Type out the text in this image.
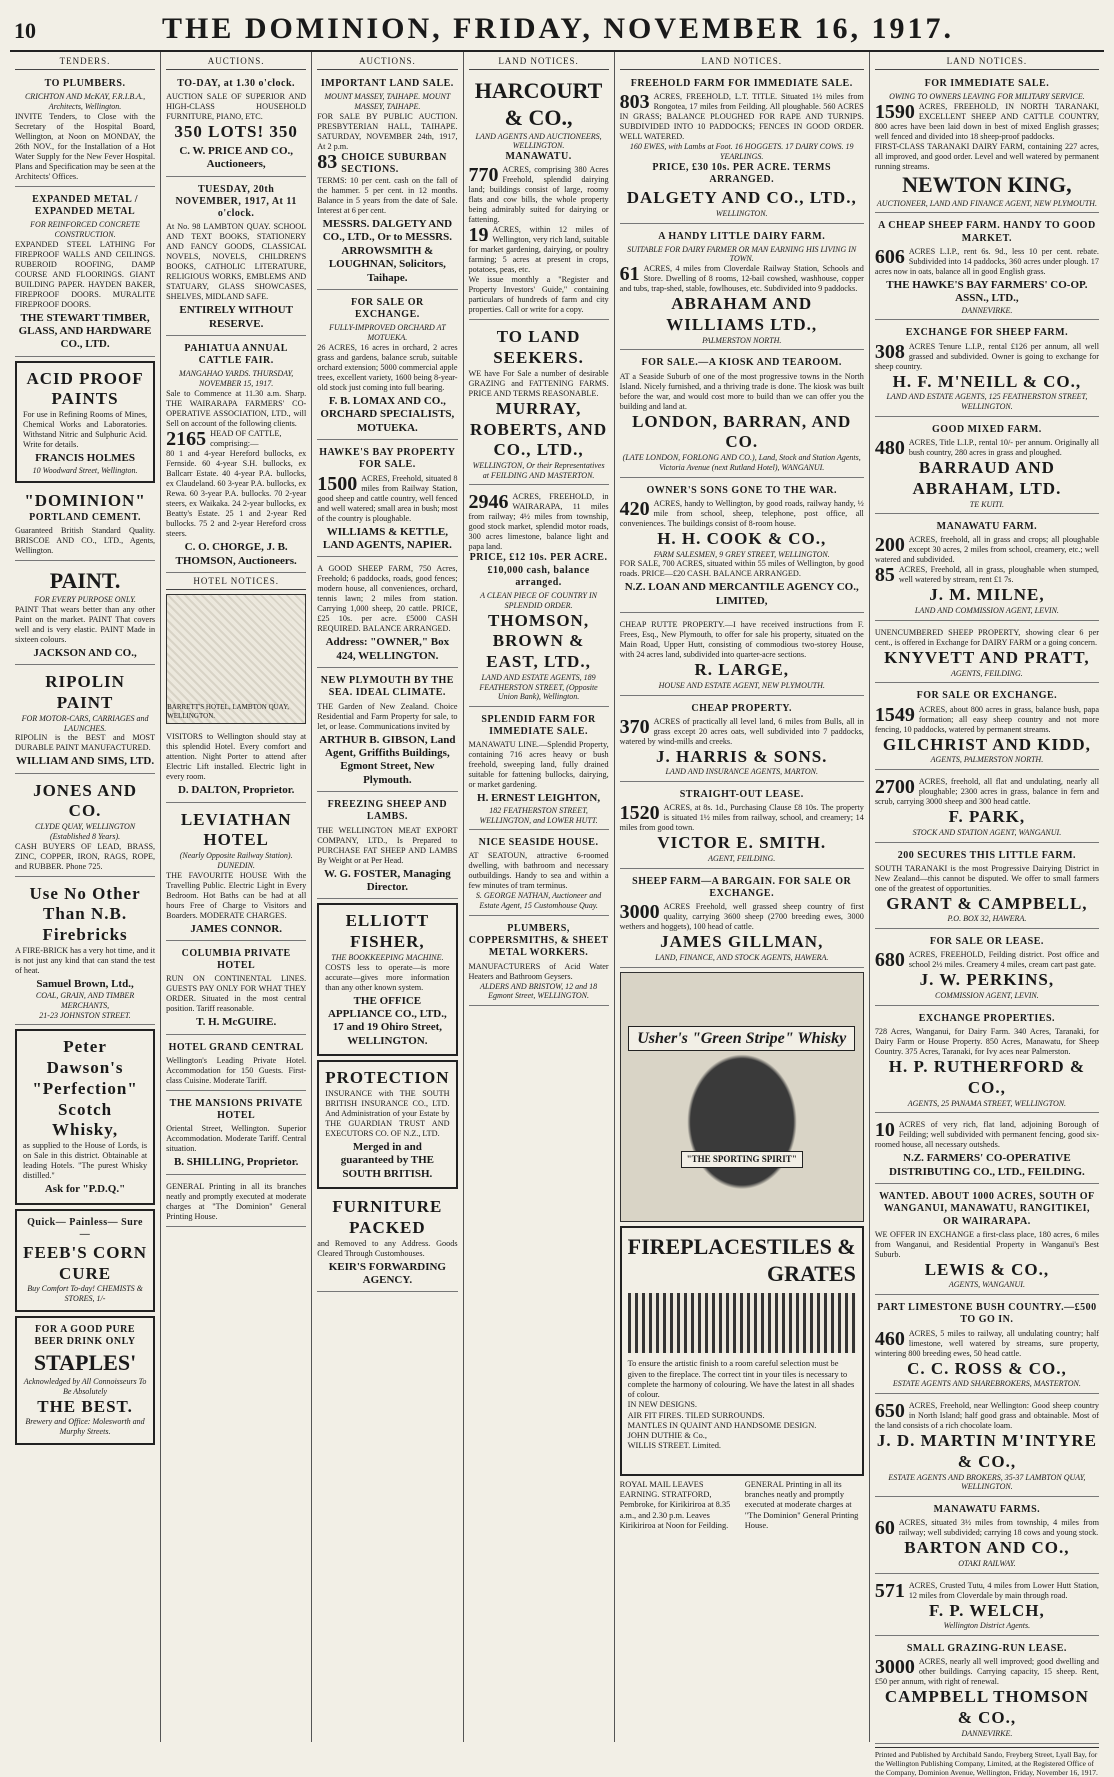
10	THE DOMINION, FRIDAY, NOVEMBER 16, 1917.
TENDERS.
TO PLUMBERS.
CRICHTON AND McKAY, F.R.I.B.A., Architects, Wellington.

INVITE Tenders, to Close with the Secretary of the Hospital Board, Wellington, at Noon on MONDAY, the 26th NOV., for the Installation of a Hot Water Supply for the New Fever Hospital. Plans and Specification may be seen at the Architects' Offices.

EXPANDED METAL / EXPANDED METAL
FOR REINFORCED CONCRETE CONSTRUCTION.

EXPANDED STEEL LATHING For FIREPROOF WALLS AND CEILINGS. RUBEROID ROOFING, DAMP COURSE AND FLOORINGS. GIANT BUILDING PAPER. HAYDEN BAKER, FIREPROOF DOORS. MURALITE FIREPROOF DOORS.

THE STEWART TIMBER, GLASS, AND HARDWARE CO., LTD.
ACID PROOF PAINTS

For use in Refining Rooms of Mines, Chemical Works and Laboratories. Withstand Nitric and Sulphuric Acid. Write for details.

FRANCIS HOLMES
10 Woodward Street, Wellington.
"DOMINION"
PORTLAND CEMENT.

Guaranteed British Standard Quality. BRISCOE AND CO., LTD., Agents, Wellington.

PAINT.
FOR EVERY PURPOSE ONLY.

PAINT That wears better than any other Paint on the market. PAINT That covers well and is very elastic. PAINT Made in sixteen colours.

JACKSON AND CO.,
RIPOLIN PAINT
FOR MOTOR-CARS, CARRIAGES and LAUNCHES.

RIPOLIN is the BEST and MOST DURABLE PAINT MANUFACTURED.

WILLIAM AND SIMS, LTD.
JONES AND CO.
CLYDE QUAY, WELLINGTON (Established 8 Years).

CASH BUYERS OF LEAD, BRASS, ZINC, COPPER, IRON, RAGS, ROPE, and RUBBER. Phone 725.

Use No Other Than N.B. Firebricks

A FIRE-BRICK has a very hot time, and it is not just any kind that can stand the test of heat.

Samuel Brown, Ltd.,
COAL, GRAIN, AND TIMBER MERCHANTS,
21-23 JOHNSTON STREET.
Peter Dawson's "Perfection" Scotch Whisky,

as supplied to the House of Lords, is on Sale in this district. Obtainable at leading Hotels. "The purest Whisky distilled."

Ask for "P.D.Q."
Quick— Painless— Sure—
FEEB'S CORN CURE
Buy Comfort To-day! CHEMISTS & STORES, 1/-
FOR A GOOD PURE BEER DRINK ONLY
STAPLES'
Acknowledged by All Connoisseurs To Be Absolutely
THE BEST.
Brewery and Office: Molesworth and Murphy Streets.
AUCTIONS.
TO-DAY, at 1.30 o'clock.

AUCTION SALE OF SUPERIOR AND HIGH-CLASS HOUSEHOLD FURNITURE, PIANO, ETC.

350 LOTS! 350
C. W. PRICE AND CO., Auctioneers,
TUESDAY, 20th NOVEMBER, 1917, At 11 o'clock.

At No. 98 LAMBTON QUAY. SCHOOL AND TEXT BOOKS, STATIONERY AND FANCY GOODS, CLASSICAL NOVELS, NOVELS, CHILDREN'S BOOKS, CATHOLIC LITERATURE, RELIGIOUS WORKS, EMBLEMS AND STATUARY, GLASS SHOWCASES, SHELVES, MIDLAND SAFE.

ENTIRELY WITHOUT RESERVE.
PAHIATUA ANNUAL CATTLE FAIR.
MANGAHAO YARDS. THURSDAY, NOVEMBER 15, 1917.

Sale to Commence at 11.30 a.m. Sharp. THE WAIRARAPA FARMERS' CO-OPERATIVE ASSOCIATION, LTD., will Sell on account of the following clients.

2165 HEAD OF CATTLE, comprising:—

80 1 and 4-year Hereford bullocks, ex Fernside. 60 4-year S.H. bullocks, ex Ballcarr Estate. 40 4-year P.A. bullocks, ex Claudeland. 60 3-year P.A. bullocks, ex Rewa. 60 3-year P.A. bullocks. 70 2-year steers, ex Waikaka. 24 2-year bullocks, ex Beatty's Estate. 25 1 and 2-year Red bullocks. 75 2 and 2-year Hereford cross steers.

C. O. CHORGE, J. B. THOMSON, Auctioneers.
HOTEL NOTICES.
BARRETT'S HOTEL, LAMBTON QUAY, WELLINGTON.

VISITORS to Wellington should stay at this splendid Hotel. Every comfort and attention. Night Porter to attend after Electric Lift installed. Electric light in every room.

D. DALTON, Proprietor.
LEVIATHAN HOTEL
(Nearly Opposite Railway Station). DUNEDIN.

THE FAVOURITE HOUSE With the Travelling Public. Electric Light in Every Bedroom. Hot Baths can be had at all hours Free of Charge to Visitors and Boarders. MODERATE CHARGES.

JAMES CONNOR.
COLUMBIA PRIVATE HOTEL

RUN ON CONTINENTAL LINES. GUESTS PAY ONLY FOR WHAT THEY ORDER. Situated in the most central position. Tariff reasonable.

T. H. McGUIRE.
HOTEL GRAND CENTRAL

Wellington's Leading Private Hotel. Accommodation for 150 Guests. First-class Cuisine. Moderate Tariff.

THE MANSIONS PRIVATE HOTEL

Oriental Street, Wellington. Superior Accommodation. Moderate Tariff. Central situation.

B. SHILLING, Proprietor.

GENERAL Printing in all its branches neatly and promptly executed at moderate charges at "The Dominion" General Printing House.

AUCTIONS.
IMPORTANT LAND SALE.
MOUNT MASSEY, TAIHAPE. MOUNT MASSEY, TAIHAPE.

FOR SALE BY PUBLIC AUCTION. PRESBYTERIAN HALL, TAIHAPE. SATURDAY, NOVEMBER 24th, 1917, At 2 p.m.

83 CHOICE SUBURBAN SECTIONS.

TERMS: 10 per cent. cash on the fall of the hammer. 5 per cent. in 12 months. Balance in 5 years from the date of Sale. Interest at 6 per cent.

MESSRS. DALGETY AND CO., LTD., Or to MESSRS. ARROWSMITH & LOUGHNAN, Solicitors, Taihape.
FOR SALE OR EXCHANGE.
FULLY-IMPROVED ORCHARD AT MOTUEKA.

26 ACRES, 16 acres in orchard, 2 acres grass and gardens, balance scrub, suitable orchard extension; 5000 commercial apple trees, excellent variety, 1600 being 8-year-old stock just coming into full bearing.

F. B. LOMAX AND CO., ORCHARD SPECIALISTS, MOTUEKA.
HAWKE'S BAY PROPERTY FOR SALE.

1500 ACRES, Freehold, situated 8 miles from Railway Station, good sheep and cattle country, well fenced and well watered; small area in bush; most of the country is ploughable.

WILLIAMS & KETTLE, LAND AGENTS, NAPIER.

A GOOD SHEEP FARM, 750 Acres, Freehold; 6 paddocks, roads, good fences; modern house, all conveniences, orchard, tennis lawn; 2 miles from station. Carrying 1,000 sheep, 20 cattle. PRICE, £25 10s. per acre. £5000 CASH REQUIRED. BALANCE ARRANGED.

Address: "OWNER," Box 424, WELLINGTON.
NEW PLYMOUTH BY THE SEA. IDEAL CLIMATE.

THE Garden of New Zealand. Choice Residential and Farm Property for sale, to let, or lease. Communications invited by

ARTHUR B. GIBSON, Land Agent, Griffiths Buildings, Egmont Street, New Plymouth.
FREEZING SHEEP AND LAMBS.

THE WELLINGTON MEAT EXPORT COMPANY, LTD., Is Prepared to PURCHASE FAT SHEEP AND LAMBS By Weight or at Per Head.

W. G. FOSTER, Managing Director.
ELLIOTT FISHER,
THE BOOKKEEPING MACHINE.

COSTS less to operate—is more accurate—gives more information than any other known system.

THE OFFICE APPLIANCE CO., LTD., 17 and 19 Ohiro Street, WELLINGTON.
PROTECTION

INSURANCE with THE SOUTH BRITISH INSURANCE CO., LTD. And Administration of your Estate by THE GUARDIAN TRUST AND EXECUTORS CO. OF N.Z., LTD.

Merged in and guaranteed by THE SOUTH BRITISH.
FURNITURE PACKED

and Removed to any Address. Goods Cleared Through Customhouses.

KEIR'S FORWARDING AGENCY.
LAND NOTICES.
HARCOURT & CO.,
LAND AGENTS AND AUCTIONEERS, WELLINGTON.
MANAWATU.

770 ACRES, comprising 380 Acres Freehold, splendid dairying land; buildings consist of large, roomy flats and cow bills, the whole property being admirably suited for dairying or fattening.

19 ACRES, within 12 miles of Wellington, very rich land, suitable for market gardening, dairying, or poultry farming; 5 acres at present in crops, potatoes, peas, etc.

We issue monthly a "Register and Property Investors' Guide," containing particulars of hundreds of farm and city properties. Call or write for a copy.

TO LAND SEEKERS.

WE have For Sale a number of desirable GRAZING and FATTENING FARMS. PRICE AND TERMS REASONABLE.

MURRAY, ROBERTS, AND CO., LTD.,
WELLINGTON, Or their Representatives at FEILDING AND MASTERTON.

2946 ACRES, FREEHOLD, in WAIRARAPA, 11 miles from railway; 4½ miles from township, good stock market, splendid motor roads, 300 acres limestone, balance light and papa land.

PRICE, £12 10s. PER ACRE. £10,000 cash, balance arranged.
A CLEAN PIECE OF COUNTRY IN SPLENDID ORDER.
THOMSON, BROWN & EAST, LTD.,
LAND AND ESTATE AGENTS, 189 FEATHERSTON STREET, (Opposite Union Bank), Wellington.
SPLENDID FARM FOR IMMEDIATE SALE.

MANAWATU LINE.—Splendid Property, containing 716 acres heavy or bush freehold, sweeping land, fully drained suitable for fattening bullocks, dairying, or market gardening.

H. ERNEST LEIGHTON,
182 FEATHERSTON STREET, WELLINGTON, and LOWER HUTT.
NICE SEASIDE HOUSE.

AT SEATOUN, attractive 6-roomed dwelling, with bathroom and necessary outbuildings. Handy to sea and within a few minutes of tram terminus.

S. GEORGE NATHAN, Auctioneer and Estate Agent, 15 Customhouse Quay.
PLUMBERS, COPPERSMITHS, & SHEET METAL WORKERS.

MANUFACTURERS of Acid Water Heaters and Bathroom Geysers.

ALDERS AND BRISTOW, 12 and 18 Egmont Street, WELLINGTON.
LAND NOTICES.
FREEHOLD FARM FOR IMMEDIATE SALE.

803 ACRES, FREEHOLD, L.T. TITLE. Situated 1½ miles from Rongotea, 17 miles from Feilding. All ploughable. 560 ACRES IN GRASS; BALANCE PLOUGHED FOR RAPE AND TURNIPS. SUBDIVIDED INTO 10 PADDOCKS; FENCES IN GOOD ORDER. WELL WATERED.

160 EWES, with Lambs at Foot. 16 HOGGETS. 17 DAIRY COWS. 19 YEARLINGS.
PRICE, £30 10s. PER ACRE. TERMS ARRANGED.
DALGETY AND CO., LTD.,
WELLINGTON.
A HANDY LITTLE DAIRY FARM.
SUITABLE FOR DAIRY FARMER OR MAN EARNING HIS LIVING IN TOWN.

61 ACRES, 4 miles from Cloverdale Railway Station, Schools and Store. Dwelling of 8 rooms, 12-bail cowshed, washhouse, copper and tubs, trap-shed, stable, fowlhouses, etc. Subdivided into 9 paddocks.

ABRAHAM AND WILLIAMS LTD.,
PALMERSTON NORTH.
FOR SALE.—A KIOSK AND TEAROOM.

AT a Seaside Suburb of one of the most progressive towns in the North Island. Nicely furnished, and a thriving trade is done. The kiosk was built before the war, and would cost more to build than we can offer you the building and land at.

LONDON, BARRAN, AND CO.
(LATE LONDON, FORLONG AND CO.), Land, Stock and Station Agents, Victoria Avenue (next Rutland Hotel), WANGANUI.
OWNER'S SONS GONE TO THE WAR.

420 ACRES, handy to Wellington, by good roads, railway handy, ½ mile from school, sheep, telephone, post office, all conveniences. The buildings consist of 8-room house.

H. H. COOK & CO.,
FARM SALESMEN, 9 GREY STREET, WELLINGTON.

FOR SALE, 700 ACRES, situated within 55 miles of Wellington, by good roads. PRICE—£20 CASH. BALANCE ARRANGED.

N.Z. LOAN AND MERCANTILE AGENCY CO., LIMITED,

CHEAP RUTTE PROPERTY.—I have received instructions from F. Frees, Esq., New Plymouth, to offer for sale his property, situated on the Main Road, Upper Hutt, consisting of commodious two-storey House, with 24 acres land, subdivided into quarter-acre sections.

R. LARGE,
HOUSE AND ESTATE AGENT, NEW PLYMOUTH.
CHEAP PROPERTY.

370 ACRES of practically all level land, 6 miles from Bulls, all in grass except 20 acres oats, well subdivided into 7 paddocks, watered by wind-mills and creeks.

J. HARRIS & SONS.
LAND AND INSURANCE AGENTS, MARTON.
STRAIGHT-OUT LEASE.

1520 ACRES, at 8s. 1d., Purchasing Clause £8 10s. The property is situated 1½ miles from railway, school, and creamery; 14 miles from good town.

VICTOR E. SMITH.
AGENT, FEILDING.
SHEEP FARM—A BARGAIN. FOR SALE OR EXCHANGE.

3000 ACRES Freehold, well grassed sheep country of first quality, carrying 3600 sheep (2700 breeding ewes, 3000 wethers and hoggets), 100 head of cattle.

JAMES GILLMAN,
LAND, FINANCE, AND STOCK AGENTS, HAWERA.
Usher's "Green Stripe" Whisky
"THE SPORTING SPIRIT"
FIREPLACES TILES & GRATES

To ensure the artistic finish to a room careful selection must be given to the fireplace. The correct tint in your tiles is necessary to complete the harmony of colouring. We have the latest in all shades of colour.

IN NEW DESIGNS.
AIR FIT FIRES. TILED SURROUNDS.
MANTLES IN QUAINT AND HANDSOME DESIGN.
JOHN DUTHIE & Co.,
WILLIS STREET. Limited.

ROYAL MAIL LEAVES EARNING. STRATFORD, Pembroke, for Kirikiriroa at 8.35 a.m., and 2.30 p.m. Leaves Kirikiriroa at Noon for Feilding.

GENERAL Printing in all its branches neatly and promptly executed at moderate charges at "The Dominion" General Printing House.

LAND NOTICES.
FOR IMMEDIATE SALE.
OWING TO OWNERS LEAVING FOR MILITARY SERVICE.

1590 ACRES, FREEHOLD, IN NORTH TARANAKI, EXCELLENT SHEEP AND CATTLE COUNTRY, 800 acres have been laid down in best of mixed English grasses; well fenced and divided into 18 sheep-proof paddocks.

FIRST-CLASS TARANAKI DAIRY FARM, containing 227 acres, all improved, and good order. Level and well watered by permanent running streams.

NEWTON KING,
AUCTIONEER, LAND AND FINANCE AGENT, NEW PLYMOUTH.
A CHEAP SHEEP FARM. HANDY TO GOOD MARKET.

606 ACRES L.I.P., rent 6s. 9d., less 10 per cent. rebate. Subdivided into 14 paddocks, 360 acres under plough. 17 acres now in oats, balance all in good English grass.

THE HAWKE'S BAY FARMERS' CO-OP. ASSN., LTD.,
DANNEVIRKE.
EXCHANGE FOR SHEEP FARM.

308 ACRES Tenure L.I.P., rental £126 per annum, all well grassed and subdivided. Owner is going to exchange for sheep country.

H. F. M'NEILL & CO.,
LAND AND ESTATE AGENTS, 125 FEATHERSTON STREET, WELLINGTON.
GOOD MIXED FARM.

480 ACRES, Title L.I.P., rental 10/- per annum. Originally all bush country, 280 acres in grass and ploughed.

BARRAUD AND ABRAHAM, LTD.
TE KUITI.
MANAWATU FARM.

200 ACRES, freehold, all in grass and crops; all ploughable except 30 acres, 2 miles from school, creamery, etc.; well watered and subdivided.

85 ACRES, Freehold, all in grass, ploughable when stumped, well watered by stream, rent £1 7s.

J. M. MILNE,
LAND AND COMMISSION AGENT, LEVIN.

UNENCUMBERED SHEEP PROPERTY, showing clear 6 per cent., is offered in Exchange for DAIRY FARM or a going concern.

KNYVETT AND PRATT,
AGENTS, FEILDING.
FOR SALE OR EXCHANGE.

1549 ACRES, about 800 acres in grass, balance bush, papa formation; all easy sheep country and not more fencing, 10 paddocks, watered by permanent streams.

GILCHRIST AND KIDD,
AGENTS, PALMERSTON NORTH.

2700 ACRES, freehold, all flat and undulating, nearly all ploughable; 2300 acres in grass, balance in fern and scrub, carrying 3000 sheep and 300 head cattle.

F. PARK,
STOCK AND STATION AGENT, WANGANUI.
200 SECURES THIS LITTLE FARM.

SOUTH TARANAKI is the most Progressive Dairying District in New Zealand—this cannot be disputed. We offer to small farmers one of the greatest of opportunities.

GRANT & CAMPBELL,
P.O. BOX 32, HAWERA.
FOR SALE OR LEASE.

680 ACRES, FREEHOLD, Feilding district. Post office and school 2½ miles. Creamery 4 miles, cream cart past gate.

J. W. PERKINS,
COMMISSION AGENT, LEVIN.
EXCHANGE PROPERTIES.

728 Acres, Wanganui, for Dairy Farm. 340 Acres, Taranaki, for Dairy Farm or House Property. 850 Acres, Manawatu, for Sheep Country. 375 Acres, Taranaki, for Ivy aces near Palmerston.

H. P. RUTHERFORD & CO.,
AGENTS, 25 PANAMA STREET, WELLINGTON.

10 ACRES of very rich, flat land, adjoining Borough of Feilding; well subdivided with permanent fencing, good six-roomed house, all necessary outsheds.

N.Z. FARMERS' CO-OPERATIVE DISTRIBUTING CO., LTD., FEILDING.
WANTED. ABOUT 1000 ACRES, SOUTH OF WANGANUI, MANAWATU, RANGITIKEI, OR WAIRARAPA.

WE OFFER IN EXCHANGE a first-class place, 180 acres, 6 miles from Wanganui, and Residential Property in Wanganui's Best Suburb.

LEWIS & CO.,
AGENTS, WANGANUI.
PART LIMESTONE BUSH COUNTRY.—£500 TO GO IN.

460 ACRES, 5 miles to railway, all undulating country; half limestone, well watered by streams, sure property, wintering 800 breeding ewes, 50 head cattle.

C. C. ROSS & CO.,
ESTATE AGENTS AND SHAREBROKERS, MASTERTON.

650 ACRES, Freehold, near Wellington: Good sheep country in North Island; half good grass and obtainable. Most of the land consists of a rich chocolate loam.

J. D. MARTIN M'INTYRE & CO.,
ESTATE AGENTS AND BROKERS, 35-37 LAMBTON QUAY, WELLINGTON.
MANAWATU FARMS.

60 ACRES, situated 3½ miles from township, 4 miles from railway; well subdivided; carrying 18 cows and young stock.

BARTON AND CO.,
OTAKI RAILWAY.

571 ACRES, Crusted Tutu, 4 miles from Lower Hutt Station, 12 miles from Cloverdale by main through road.

F. P. WELCH,
Wellington District Agents.
SMALL GRAZING-RUN LEASE.

3000 ACRES, nearly all well improved; good dwelling and other buildings. Carrying capacity, 15 sheep. Rent, £50 per annum, with right of renewal.

CAMPBELL THOMSON & CO.,
DANNEVIRKE.

Printed and Published by Archibald Sando, Freyberg Street, Lyall Bay, for the Wellington Publishing Company, Limited, at the Registered Office of the Company, Dominion Avenue, Wellington, Friday, November 16, 1917.
